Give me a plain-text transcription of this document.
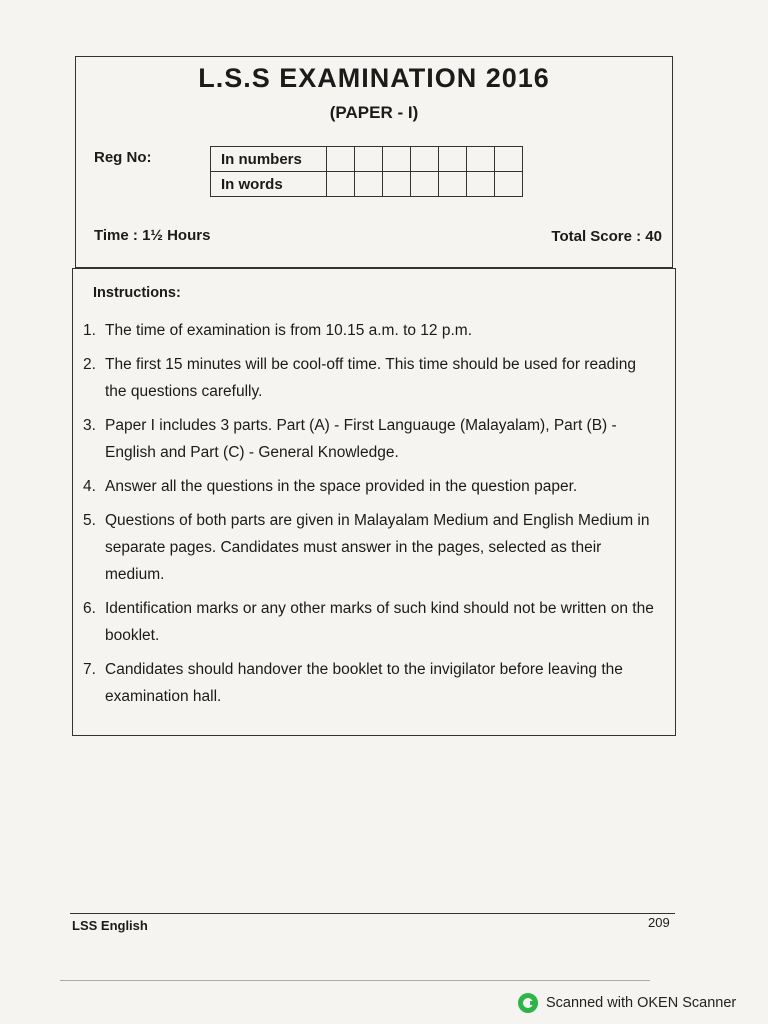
L.S.S EXAMINATION 2016
(PAPER - I)
Reg No:	In numbers							
In words							
Time : 1½ Hours	Total Score : 40
Instructions:
1. The time of examination is from 10.15 a.m. to 12 p.m.
2. The first 15 minutes will be cool-off time. This time should be used for reading the questions carefully.
3. Paper I includes 3 parts. Part (A) - First Languauge (Malayalam), Part (B) - English and Part (C) - General Knowledge.
4. Answer all the questions in the space provided in the question paper.
5. Questions of both parts are given in Malayalam Medium and English Medium in separate pages. Candidates must answer in the pages, selected as their medium.
6. Identification marks or any other marks of such kind should not be written on the booklet.
7. Candidates should handover the booklet to the invigilator before leaving the examination hall.
LSS English	209
Scanned with OKEN Scanner
